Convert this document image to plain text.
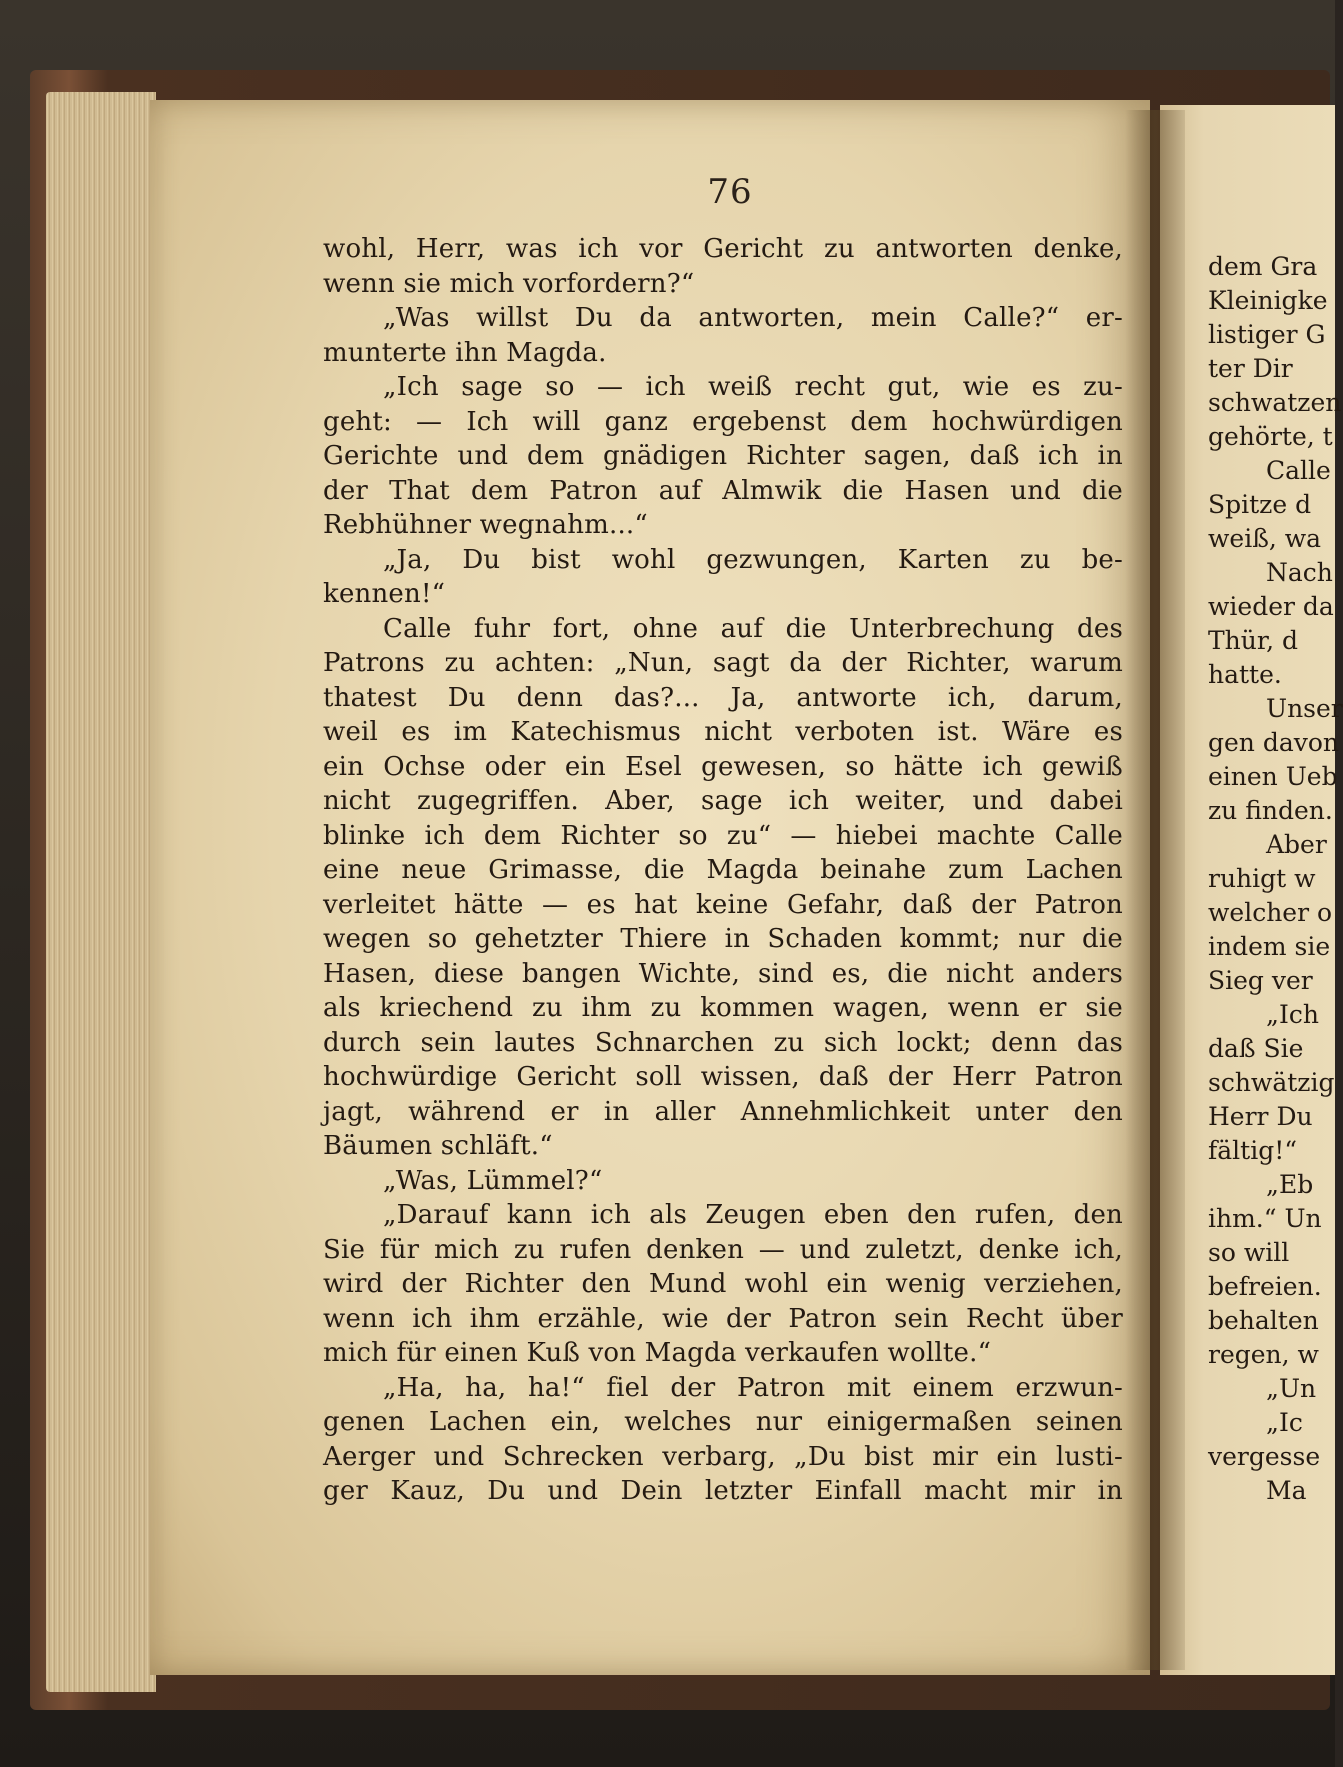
76
wohl, Herr, was ich vor Gericht zu antworten denke,
wenn sie mich vorfordern?“
„Was willst Du da antworten, mein Calle?“ er-
munterte ihn Magda.
„Ich sage so — ich weiß recht gut, wie es zu-
geht: — Ich will ganz ergebenst dem hochwürdigen
Gerichte und dem gnädigen Richter sagen, daß ich in
der That dem Patron auf Almwik die Hasen und die
Rebhühner wegnahm...“
„Ja, Du bist wohl gezwungen, Karten zu be-
kennen!“
Calle fuhr fort, ohne auf die Unterbrechung des
Patrons zu achten: „Nun, sagt da der Richter, warum
thatest Du denn das?... Ja, antworte ich, darum,
weil es im Katechismus nicht verboten ist. Wäre es
ein Ochse oder ein Esel gewesen, so hätte ich gewiß
nicht zugegriffen. Aber, sage ich weiter, und dabei
blinke ich dem Richter so zu“ — hiebei machte Calle
eine neue Grimasse, die Magda beinahe zum Lachen
verleitet hätte — es hat keine Gefahr, daß der Patron
wegen so gehetzter Thiere in Schaden kommt; nur die
Hasen, diese bangen Wichte, sind es, die nicht anders
als kriechend zu ihm zu kommen wagen, wenn er sie
durch sein lautes Schnarchen zu sich lockt; denn das
hochwürdige Gericht soll wissen, daß der Herr Patron
jagt, während er in aller Annehmlichkeit unter den
Bäumen schläft.“
„Was, Lümmel?“
„Darauf kann ich als Zeugen eben den rufen, den
Sie für mich zu rufen denken — und zuletzt, denke ich,
wird der Richter den Mund wohl ein wenig verziehen,
wenn ich ihm erzähle, wie der Patron sein Recht über
mich für einen Kuß von Magda verkaufen wollte.“
„Ha, ha, ha!“ fiel der Patron mit einem erzwun-
genen Lachen ein, welches nur einigermaßen seinen
Aerger und Schrecken verbarg, „Du bist mir ein lusti-
ger Kauz, Du und Dein letzter Einfall macht mir in
dem Gra
Kleinigke
listiger G
ter Dir
schwatzen
gehörte, t
Calle
Spitze d
weiß, wa
Nach
wieder da
Thür, d
hatte.
Unser
gen davon
einen Ueb
zu finden.
Aber
ruhigt w
welcher o
indem sie
Sieg ver
„Ich
daß Sie
schwätzig
Herr Du
fältig!“
„Eb
ihm.“ Un
so will
befreien.
behalten
regen, w
„Un
„Ic
vergesse
Ma
